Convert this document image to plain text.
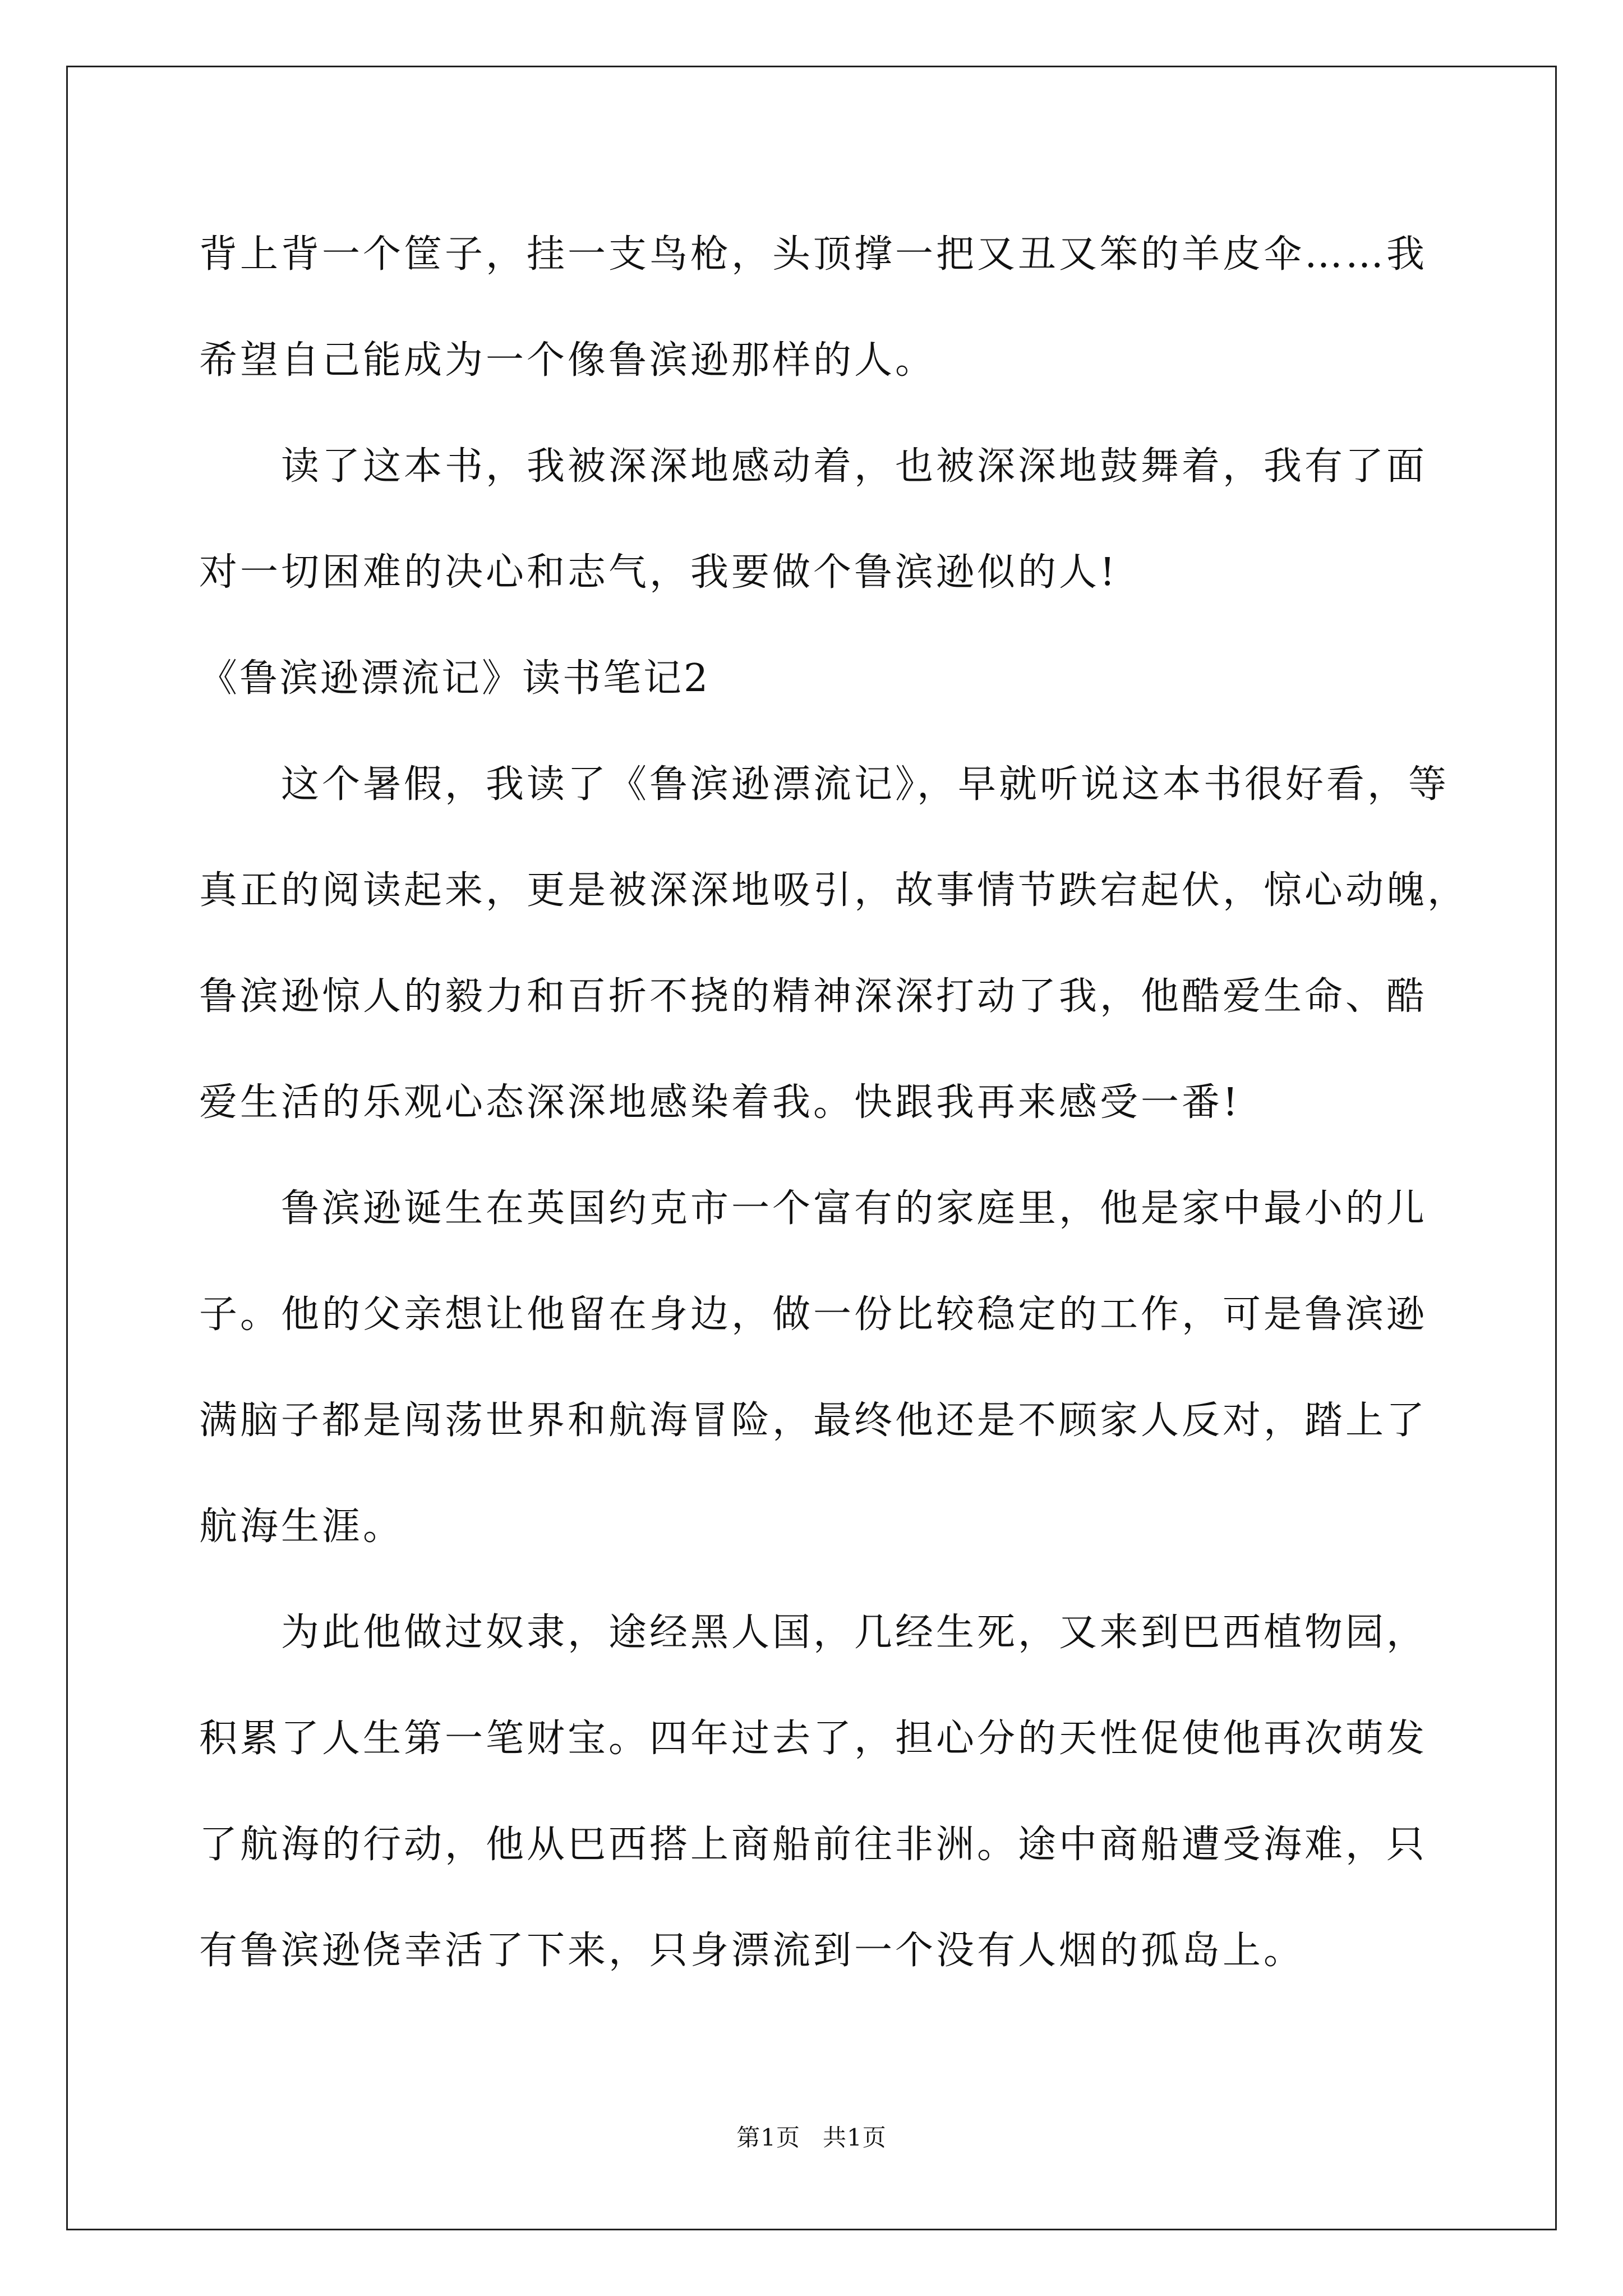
背上背一个筐子，挂一支鸟枪，头顶撑一把又丑又笨的羊皮伞……我
希望自己能成为一个像鲁滨逊那样的人。
读了这本书，我被深深地感动着，也被深深地鼓舞着，我有了面
对一切困难的决心和志气，我要做个鲁滨逊似的人!
《鲁滨逊漂流记》读书笔记2
这个暑假，我读了《鲁滨逊漂流记》，早就听说这本书很好看，等
真正的阅读起来，更是被深深地吸引，故事情节跌宕起伏，惊心动魄，
鲁滨逊惊人的毅力和百折不挠的精神深深打动了我，他酷爱生命、酷
爱生活的乐观心态深深地感染着我。快跟我再来感受一番!
鲁滨逊诞生在英国约克市一个富有的家庭里，他是家中最小的儿
子。他的父亲想让他留在身边，做一份比较稳定的工作，可是鲁滨逊
满脑子都是闯荡世界和航海冒险，最终他还是不顾家人反对，踏上了
航海生涯。
为此他做过奴隶，途经黑人国，几经生死，又来到巴西植物园，
积累了人生第一笔财宝。四年过去了，担心分的天性促使他再次萌发
了航海的行动，他从巴西搭上商船前往非洲。途中商船遭受海难，只
有鲁滨逊侥幸活了下来，只身漂流到一个没有人烟的孤岛上。
第1页 共1页
